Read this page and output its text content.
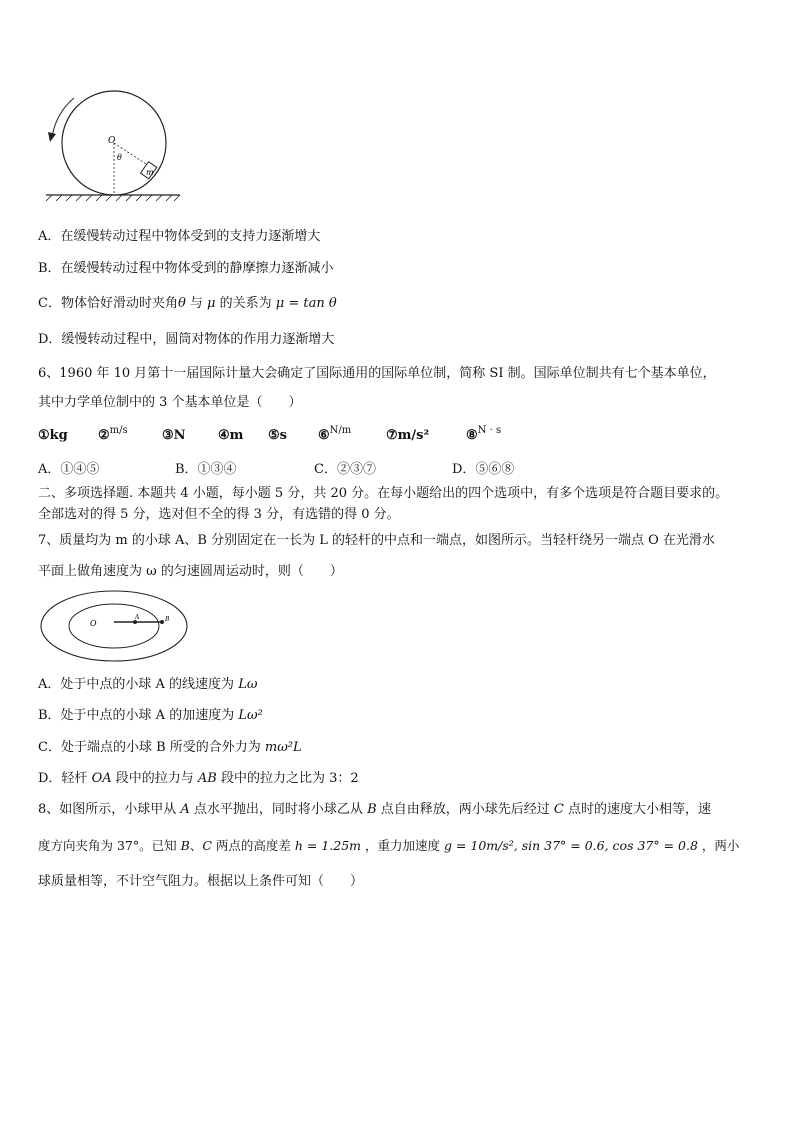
m
O
θ
A．在缓慢转动过程中物体受到的支持力逐渐增大
B．在缓慢转动过程中物体受到的静摩擦力逐渐减小
C．物体恰好滑动时夹角θ 与 μ 的关系为 μ = tan θ
D．缓慢转动过程中，圆筒对物体的作用力逐渐增大
6、1960 年 10 月第十一届国际计量大会确定了国际通用的国际单位制，简称 SI 制。国际单位制共有七个基本单位，
其中力学单位制中的 3 个基本单位是（　　）
①kg ②$^{m/s}$	③N ④m ⑤s ⑥$^{N/m}$	⑦m/s²	⑧$^{N \cdot s}$
A．①④⑤	B．①③④	C．②③⑦	D．⑤⑥⑧
二、多项选择题. 本题共 4 小题，每小题 5 分，共 20 分。在每小题给出的四个选项中，有多个选项是符合题目要求的。
全部选对的得 5 分，选对但不全的得 3 分，有选错的得 0 分。
7、质量均为 m 的小球 A、B 分别固定在一长为 L 的轻杆的中点和一端点，如图所示。当轻杆绕另一端点 O 在光滑水
平面上做角速度为 ω 的匀速圆周运动时，则（　　）
O
A	B
A．处于中点的小球 A 的线速度为 Lω
B．处于中点的小球 A 的加速度为 Lω²
C．处于端点的小球 B 所受的合外力为 mω²L
D．轻杆 OA 段中的拉力与 AB 段中的拉力之比为 3：2
8、如图所示，小球甲从 A 点水平抛出，同时将小球乙从 B 点自由释放，两小球先后经过 C 点时的速度大小相等，速
度方向夹角为 37°。已知 B、C 两点的高度差 h = 1.25m ，重力加速度 g = 10m/s², sin 37° = 0.6, cos 37° = 0.8 ，两小
球质量相等，不计空气阻力。根据以上条件可知（　　）
